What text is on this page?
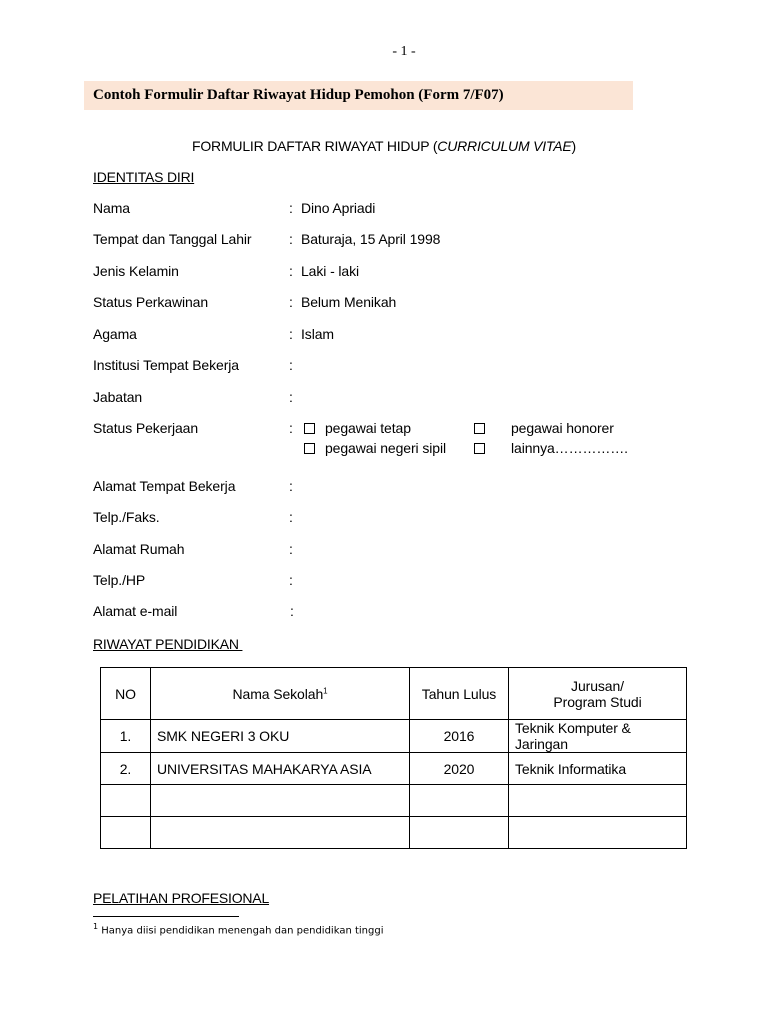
- 1 -
Contoh Formulir Daftar Riwayat Hidup Pemohon (Form 7/F07)
FORMULIR DAFTAR RIWAYAT HIDUP (CURRICULUM VITAE)
IDENTITAS DIRI
Nama	: Dino Apriadi
Tempat dan Tanggal Lahir	: Baturaja, 15 April 1998
Jenis Kelamin	: Laki - laki
Status Perkawinan	: Belum Menikah
Agama	: Islam
Institusi Tempat Bekerja	:
Jabatan	:
Status Pekerjaan	: pegawai tetap	pegawai honorer
pegawai negeri sipil	lainnya…………….
Alamat Tempat Bekerja	:
Telp./Faks.	:
Alamat Rumah	:
Telp./HP	:
Alamat e-mail	:
RIWAYAT PENDIDIKAN
NO	Nama Sekolah$^1$	Tahun Lulus	Jurusan/
Program Studi
1.	SMK NEGERI 3 OKU	2016	Teknik Komputer & Jaringan
2.	UNIVERSITAS MAHAKARYA ASIA	2020	Teknik Informatika

PELATIHAN PROFESIONAL
$^1$ Hanya diisi pendidikan menengah dan pendidikan tinggi
